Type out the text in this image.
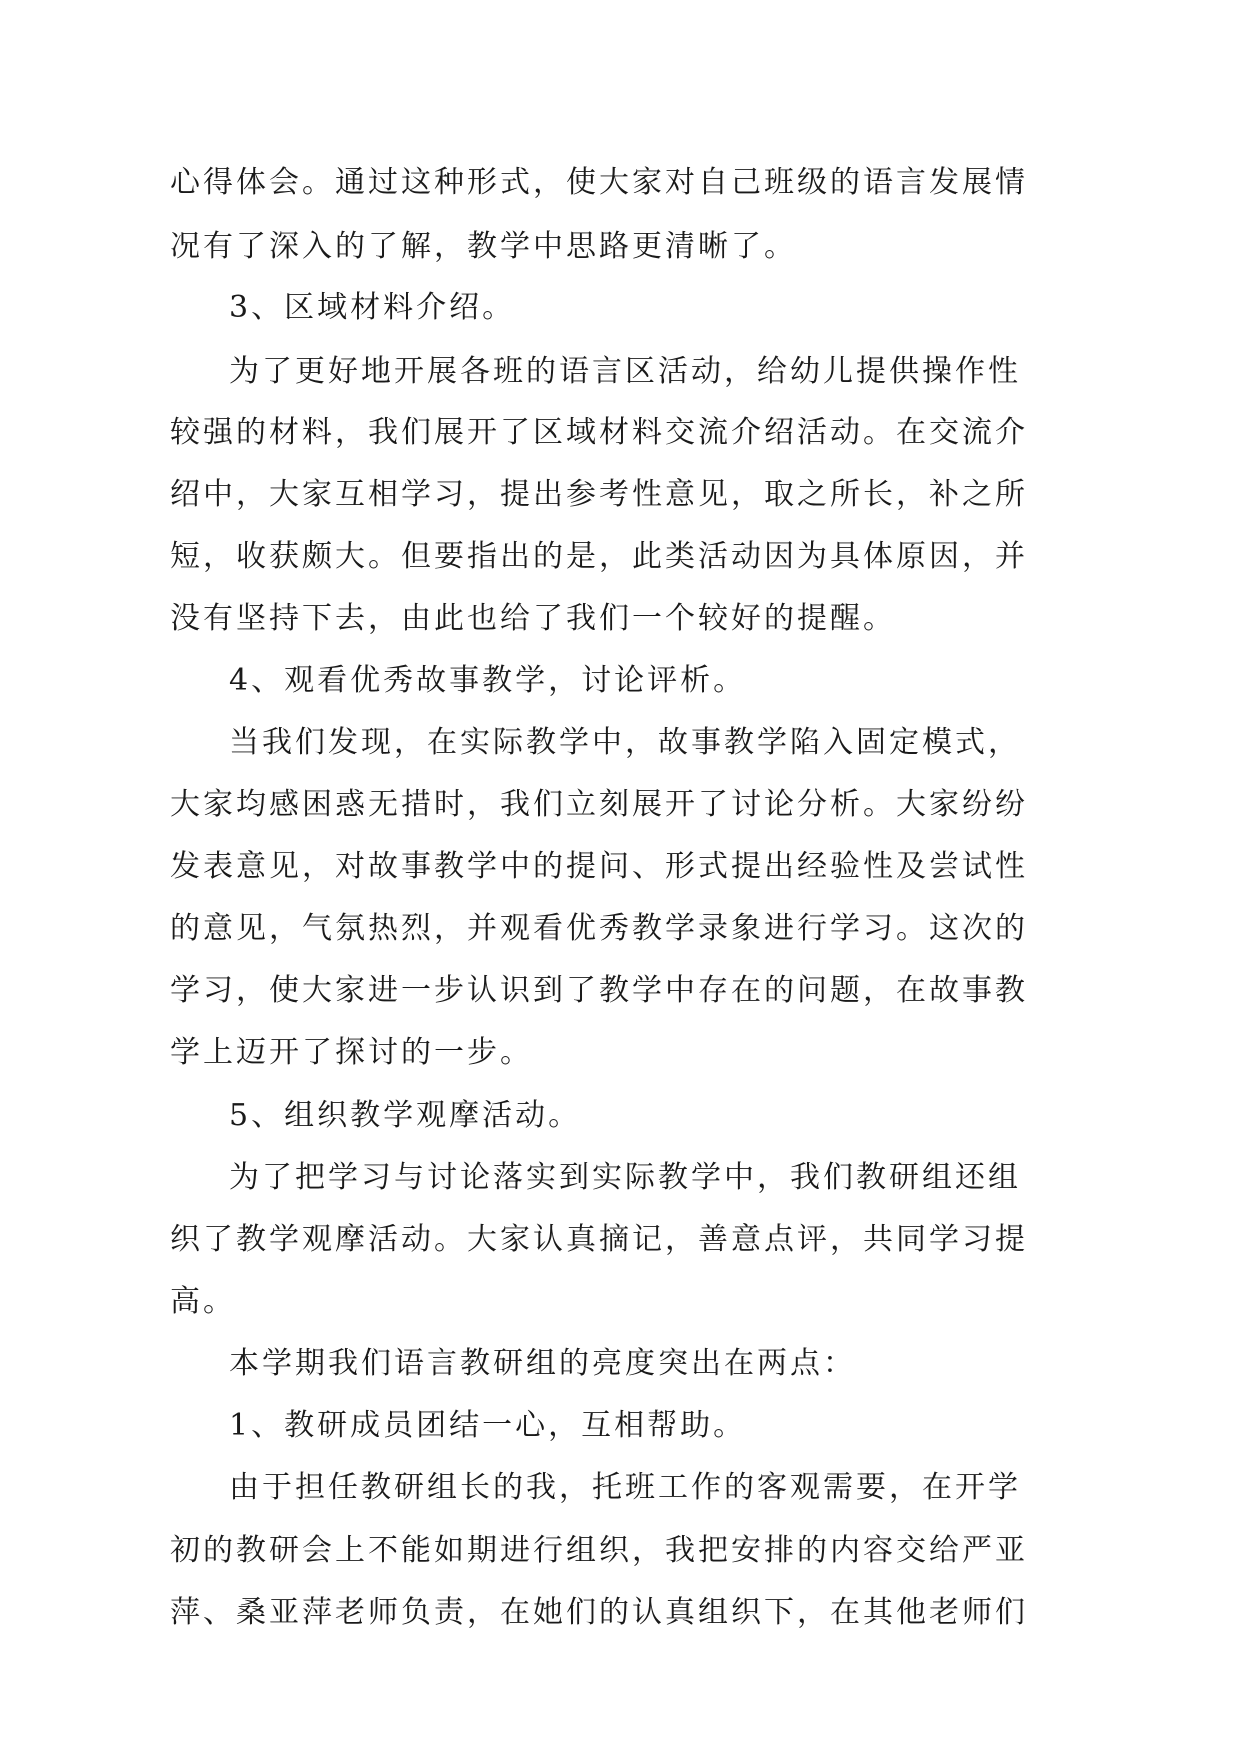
心得体会。通过这种形式，使大家对自己班级的语言发展情
况有了深入的了解，教学中思路更清晰了。
3、区域材料介绍。
为了更好地开展各班的语言区活动，给幼儿提供操作性
较强的材料，我们展开了区域材料交流介绍活动。在交流介
绍中，大家互相学习，提出参考性意见，取之所长，补之所
短，收获颇大。但要指出的是，此类活动因为具体原因，并
没有坚持下去，由此也给了我们一个较好的提醒。
4、观看优秀故事教学，讨论评析。
当我们发现，在实际教学中，故事教学陷入固定模式，
大家均感困惑无措时，我们立刻展开了讨论分析。大家纷纷
发表意见，对故事教学中的提问、形式提出经验性及尝试性
的意见，气氛热烈，并观看优秀教学录象进行学习。这次的
学习，使大家进一步认识到了教学中存在的问题，在故事教
学上迈开了探讨的一步。
5、组织教学观摩活动。
为了把学习与讨论落实到实际教学中，我们教研组还组
织了教学观摩活动。大家认真摘记，善意点评，共同学习提
高。
本学期我们语言教研组的亮度突出在两点：
1、教研成员团结一心，互相帮助。
由于担任教研组长的我，托班工作的客观需要，在开学
初的教研会上不能如期进行组织，我把安排的内容交给严亚
萍、桑亚萍老师负责，在她们的认真组织下，在其他老师们
